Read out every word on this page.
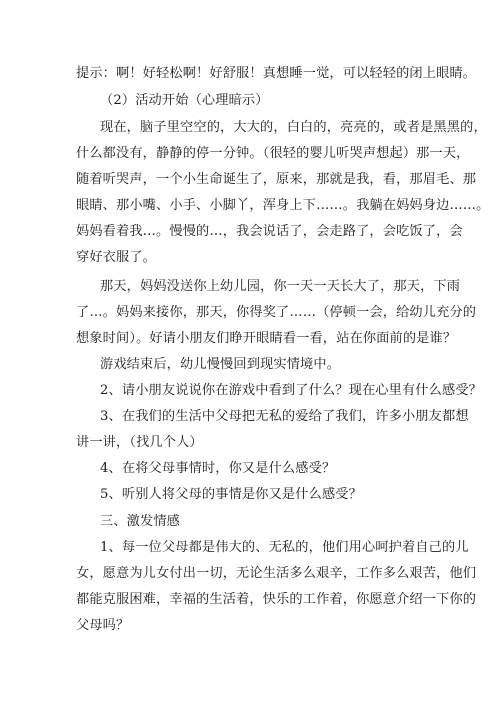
提示：啊！好轻松啊！好舒服！真想睡一觉，可以轻轻的闭上眼睛。
（2）活动开始（心理暗示）
现在，脑子里空空的，大大的，白白的，亮亮的，或者是黑黑的，
什么都没有，静静的停一分钟。（很轻的婴儿听哭声想起）那一天，
随着听哭声，一个小生命诞生了，原来，那就是我，看，那眉毛、那
眼睛、那小嘴、小手、小脚丫，浑身上下……。我躺在妈妈身边……。
妈妈看着我…。慢慢的…，我会说话了，会走路了，会吃饭了，会
穿好衣服了。
那天，妈妈没送你上幼儿园，你一天一天长大了，那天，下雨
了…。妈妈来接你，那天，你得奖了……（停顿一会，给幼儿充分的
想象时间）。好请小朋友们睁开眼睛看一看，站在你面前的是谁？
游戏结束后，幼儿慢慢回到现实情境中。
2、请小朋友说说你在游戏中看到了什么？现在心里有什么感受？
3、在我们的生活中父母把无私的爱给了我们，许多小朋友都想
讲一讲，（找几个人）
4、在将父母事情时，你又是什么感受？
5、听别人将父母的事情是你又是什么感受？
三、激发情感
1、每一位父母都是伟大的、无私的，他们用心呵护着自己的儿
女，愿意为儿女付出一切，无论生活多么艰辛，工作多么艰苦，他们
都能克服困难，幸福的生活着，快乐的工作着，你愿意介绍一下你的
父母吗？
